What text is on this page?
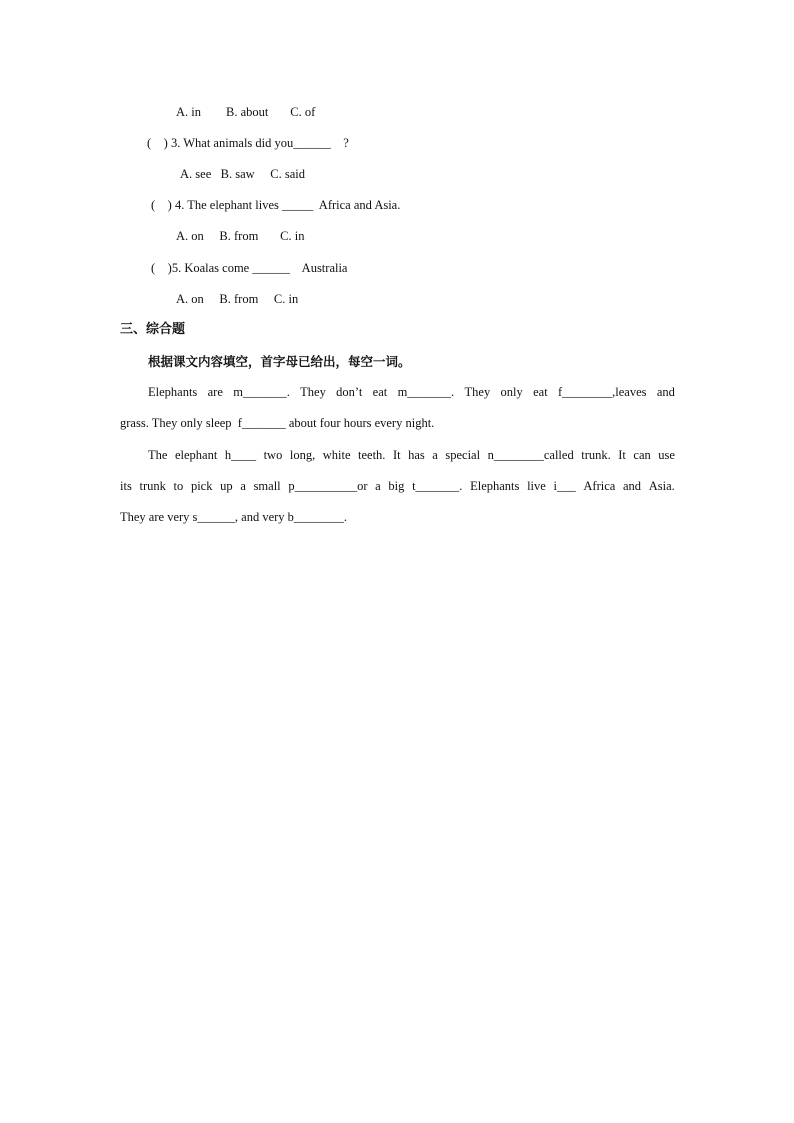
A. in        B. about       C. of
(    ) 3. What animals did you______    ?
A. see   B. saw     C. said
(    ) 4. The elephant lives _____  Africa and Asia.
A. on     B. from       C. in
(    )5. Koalas come ______    Australia
A. on     B. from     C. in
三、综合题
根据课文内容填空，首字母已给出，每空一词。
Elephants are m_______. They don’t eat m_______. They only eat f________,leaves and
grass. They only sleep  f_______ about four hours every night.
The elephant h____ two long, white teeth. It has a special n________called trunk. It can use
its trunk to pick up a small p__________or a big t_______. Elephants live i___ Africa and Asia.
They are very s______, and very b________.
